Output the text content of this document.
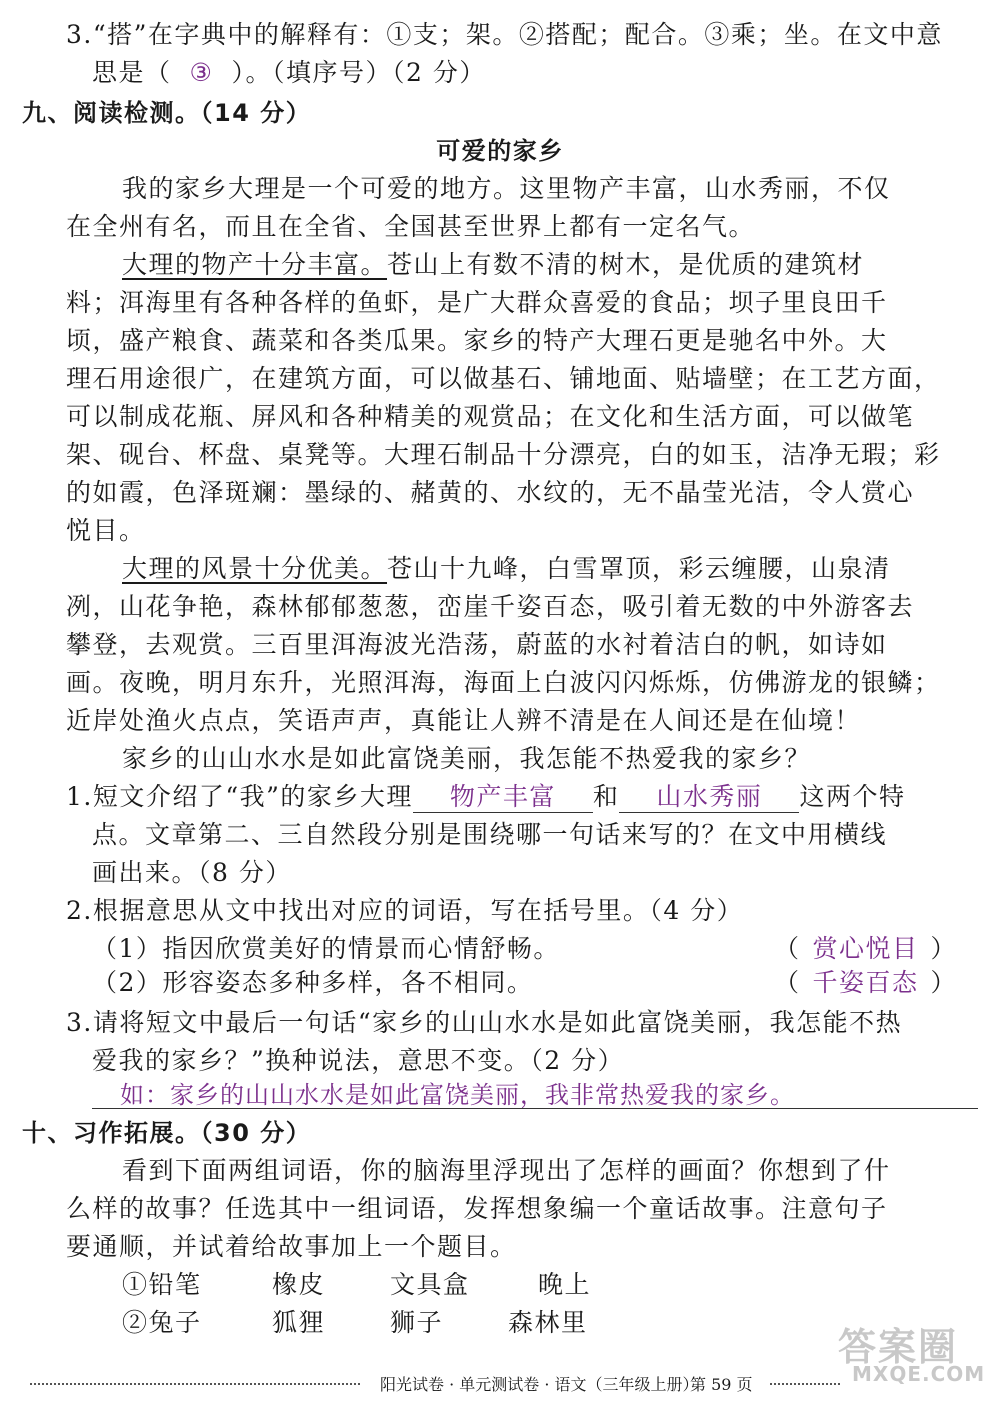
3.“搭”在字典中的解释有：①支；架。②搭配；配合。③乘；坐。在文中意
思是（ ③ ）。（填序号）（2 分）
九、阅读检测。（14 分）
可爱的家乡
我的家乡大理是一个可爱的地方。这里物产丰富，山水秀丽，不仅
在全州有名，而且在全省、全国甚至世界上都有一定名气。
大理的物产十分丰富。苍山上有数不清的树木，是优质的建筑材
料；洱海里有各种各样的鱼虾，是广大群众喜爱的食品；坝子里良田千
顷，盛产粮食、蔬菜和各类瓜果。家乡的特产大理石更是驰名中外。大
理石用途很广，在建筑方面，可以做基石、铺地面、贴墙壁；在工艺方面，
可以制成花瓶、屏风和各种精美的观赏品；在文化和生活方面，可以做笔
架、砚台、杯盘、桌凳等。大理石制品十分漂亮，白的如玉，洁净无瑕；彩
的如霞，色泽斑斓：墨绿的、赭黄的、水纹的，无不晶莹光洁，令人赏心
悦目。
大理的风景十分优美。苍山十九峰，白雪罩顶，彩云缠腰，山泉清
冽，山花争艳，森林郁郁葱葱，峦崖千姿百态，吸引着无数的中外游客去
攀登，去观赏。三百里洱海波光浩荡，蔚蓝的水衬着洁白的帆，如诗如
画。夜晚，明月东升，光照洱海，海面上白波闪闪烁烁，仿佛游龙的银鳞；
近岸处渔火点点，笑语声声，真能让人辨不清是在人间还是在仙境！
家乡的山山水水是如此富饶美丽，我怎能不热爱我的家乡？
1.短文介绍了“我”的家乡大理 物产丰富 和 山水秀丽 这两个特
点。文章第二、三自然段分别是围绕哪一句话来写的？在文中用横线
画出来。（8 分）
2.根据意思从文中找出对应的词语，写在括号里。（4 分）
（1）指因欣赏美好的情景而心情舒畅。	（ 赏心悦目 ）
（2）形容姿态多种多样，各不相同。	（ 千姿百态 ）
3.请将短文中最后一句话“家乡的山山水水是如此富饶美丽，我怎能不热
爱我的家乡？”换种说法，意思不变。（2 分）
如：家乡的山山水水是如此富饶美丽，我非常热爱我的家乡。
十、习作拓展。（30 分）
看到下面两组词语，你的脑海里浮现出了怎样的画面？你想到了什
么样的故事？任选其中一组词语，发挥想象编一个童话故事。注意句子
要通顺，并试着给故事加上一个题目。
①铅笔	橡皮	文具盒	晚上
②兔子	狐狸	狮子	森林里
答案圈
MXQE.COM
阳光试卷 · 单元测试卷 · 语文（三年级上册）
第 59 页
